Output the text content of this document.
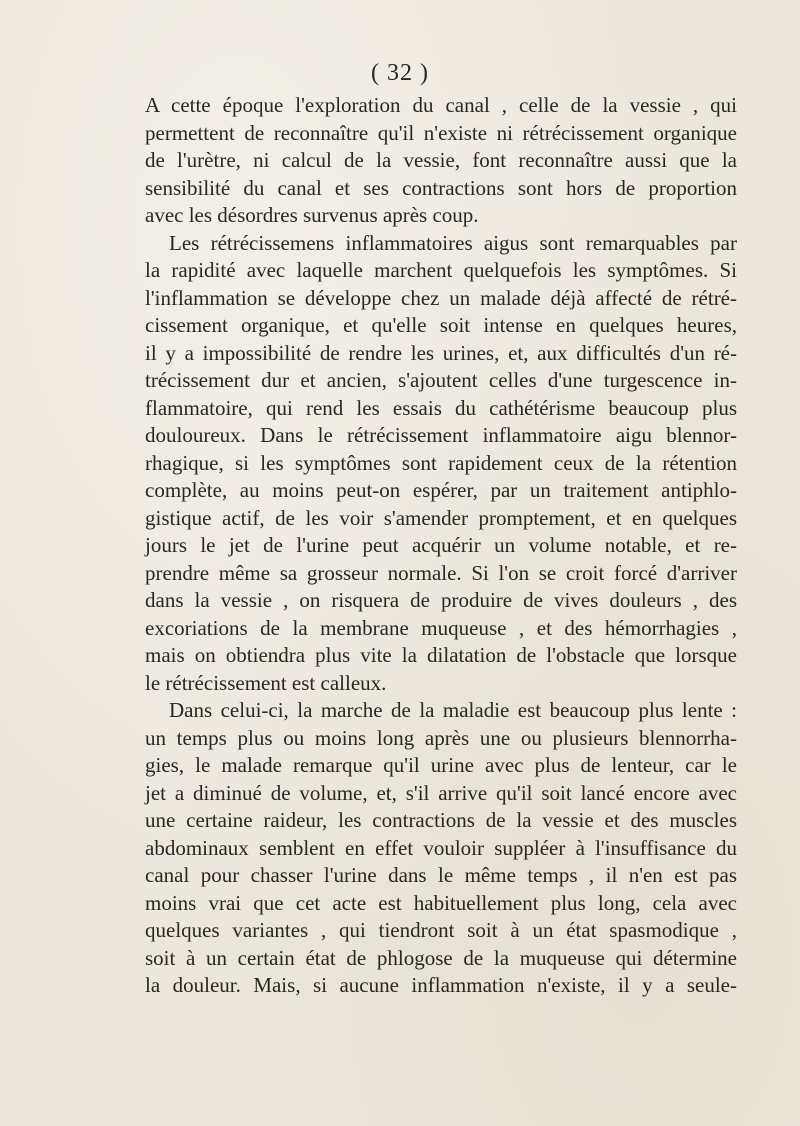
( 32 )
A cette époque l'exploration du canal , celle de la vessie , qui
permettent de reconnaître qu'il n'existe ni rétrécissement organique
de l'urètre, ni calcul de la vessie, font reconnaître aussi que la
sensibilité du canal et ses contractions sont hors de proportion
avec les désordres survenus après coup.
Les rétrécissemens inflammatoires aigus sont remarquables par
la rapidité avec laquelle marchent quelquefois les symptômes. Si
l'inflammation se développe chez un malade déjà affecté de rétré-
cissement organique, et qu'elle soit intense en quelques heures,
il y a impossibilité de rendre les urines, et, aux difficultés d'un ré-
trécissement dur et ancien, s'ajoutent celles d'une turgescence in-
flammatoire, qui rend les essais du cathétérisme beaucoup plus
douloureux. Dans le rétrécissement inflammatoire aigu blennor-
rhagique, si les symptômes sont rapidement ceux de la rétention
complète, au moins peut-on espérer, par un traitement antiphlo-
gistique actif, de les voir s'amender promptement, et en quelques
jours le jet de l'urine peut acquérir un volume notable, et re-
prendre même sa grosseur normale. Si l'on se croit forcé d'arriver
dans la vessie , on risquera de produire de vives douleurs , des
excoriations de la membrane muqueuse , et des hémorrhagies ,
mais on obtiendra plus vite la dilatation de l'obstacle que lorsque
le rétrécissement est calleux.
Dans celui-ci, la marche de la maladie est beaucoup plus lente :
un temps plus ou moins long après une ou plusieurs blennorrha-
gies, le malade remarque qu'il urine avec plus de lenteur, car le
jet a diminué de volume, et, s'il arrive qu'il soit lancé encore avec
une certaine raideur, les contractions de la vessie et des muscles
abdominaux semblent en effet vouloir suppléer à l'insuffisance du
canal pour chasser l'urine dans le même temps , il n'en est pas
moins vrai que cet acte est habituellement plus long, cela avec
quelques variantes , qui tiendront soit à un état spasmodique ,
soit à un certain état de phlogose de la muqueuse qui détermine
la douleur. Mais, si aucune inflammation n'existe, il y a seule-
